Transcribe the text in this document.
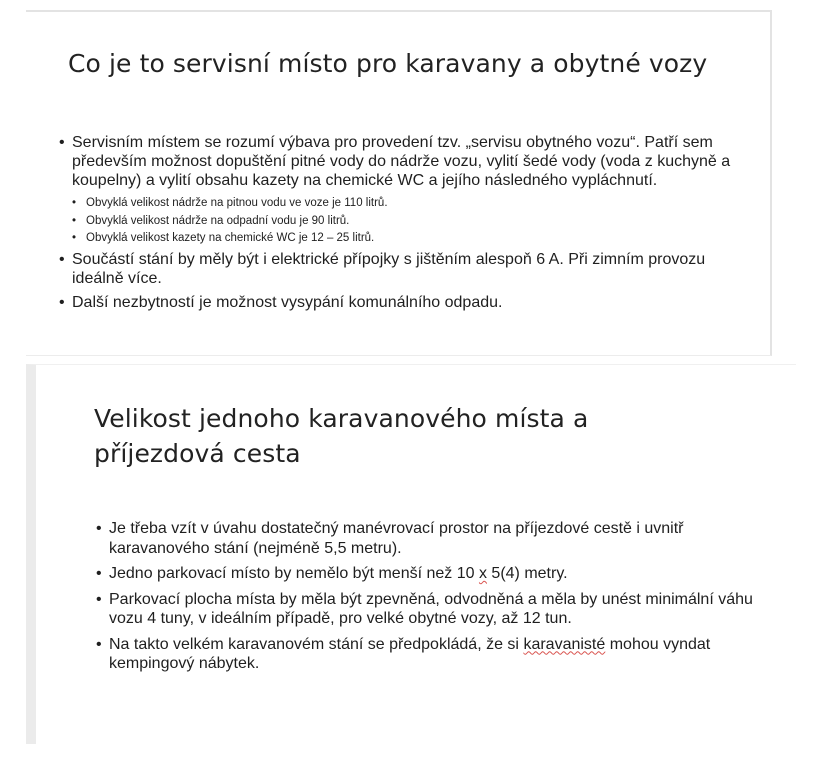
Co je to servisní místo pro karavany a obytné vozy
• Servisním místem se rozumí výbava pro provedení tzv. „servisu obytného vozu“. Patří sem především možnost dopuštění pitné vody do nádrže vozu, vylití šedé vody (voda z kuchyně a koupelny) a vylití obsahu kazety na chemické WC a jejího následného vypláchnutí.
• Obvyklá velikost nádrže na pitnou vodu ve voze je 110 litrů.
• Obvyklá velikost nádrže na odpadní vodu je 90 litrů.
• Obvyklá velikost kazety na chemické WC je 12 – 25 litrů.
• Součástí stání by měly být i elektrické přípojky s jištěním alespoň 6 A. Při zimním provozu ideálně více.
• Další nezbytností je možnost vysypání komunálního odpadu.
Velikost jednoho karavanového místa a příjezdová cesta
• Je třeba vzít v úvahu dostatečný manévrovací prostor na příjezdové cestě i uvnitř karavanového stání (nejméně 5,5 metru).
• Jedno parkovací místo by nemělo být menší než 10 x 5(4) metry.
• Parkovací plocha místa by měla být zpevněná, odvodněná a měla by unést minimální váhu vozu 4 tuny, v ideálním případě, pro velké obytné vozy, až 12 tun.
• Na takto velkém karavanovém stání se předpokládá, že si karavanisté mohou vyndat kempingový nábytek.
